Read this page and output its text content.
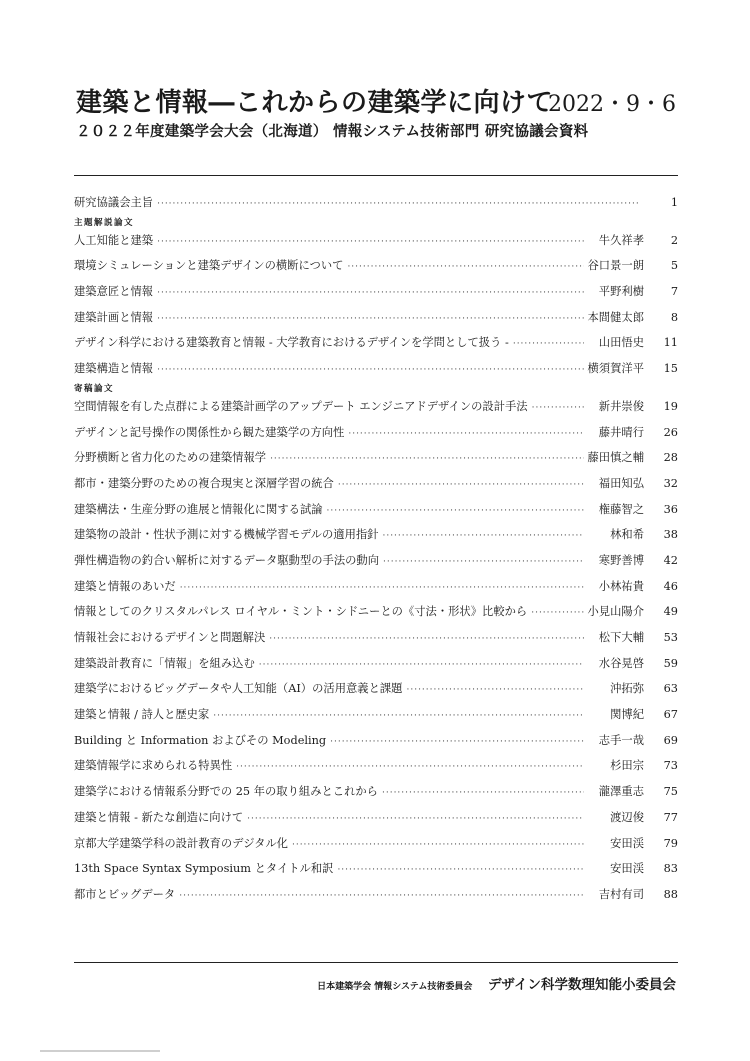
建築と情報―これからの建築学に向けて
2022・9・6
２０２２年度建築学会大会（北海道） 情報システム技術部門 研究協議会資料
研究協議会主旨 ·····	1
主題解説論文
人工知能と建築 ·····	牛久祥孝	2
環境シミュレーションと建築デザインの横断について ·····	谷口景一朗	5
建築意匠と情報 ·····	平野利樹	7
建築計画と情報 ·····	本間健太郎	8
デザイン科学における建築教育と情報 - 大学教育におけるデザインを学問として扱う - ·····	山田悟史	11
建築構造と情報 ·····	横須賀洋平	15
寄稿論文
空間情報を有した点群による建築計画学のアップデート エンジニアドデザインの設計手法 ·····	新井崇俊	19
デザインと記号操作の関係性から観た建築学の方向性 ·····	藤井晴行	26
分野横断と省力化のための建築情報学 ·····	藤田慎之輔	28
都市・建築分野のための複合現実と深層学習の統合 ·····	福田知弘	32
建築構法・生産分野の進展と情報化に関する試論 ·····	権藤智之	36
建築物の設計・性状予測に対する機械学習モデルの適用指針 ·····	林和希	38
弾性構造物の釣合い解析に対するデータ駆動型の手法の動向 ·····	寒野善博	42
建築と情報のあいだ ·····	小林祐貴	46
情報としてのクリスタルパレス ロイヤル・ミント・シドニーとの《寸法・形状》比較から ·····	小見山陽介	49
情報社会におけるデザインと問題解決 ·····	松下大輔	53
建築設計教育に「情報」を組み込む ·····	水谷晃啓	59
建築学におけるビッグデータや人工知能（AI）の活用意義と課題 ·····	沖拓弥	63
建築と情報 / 詩人と歴史家 ·····	関博紀	67
Building と Information およびその Modeling ·····	志手一哉	69
建築情報学に求められる特異性 ·····	杉田宗	73
建築学における情報系分野での 25 年の取り組みとこれから ·····	瀧澤重志	75
建築と情報 - 新たな創造に向けて ·····	渡辺俊	77
京都大学建築学科の設計教育のデジタル化 ·····	安田渓	79
13th Space Syntax Symposium とタイトル和訳 ·····	安田渓	83
都市とビッグデータ ·····	吉村有司	88
日本建築学会 情報システム技術委員会 デザイン科学数理知能小委員会
